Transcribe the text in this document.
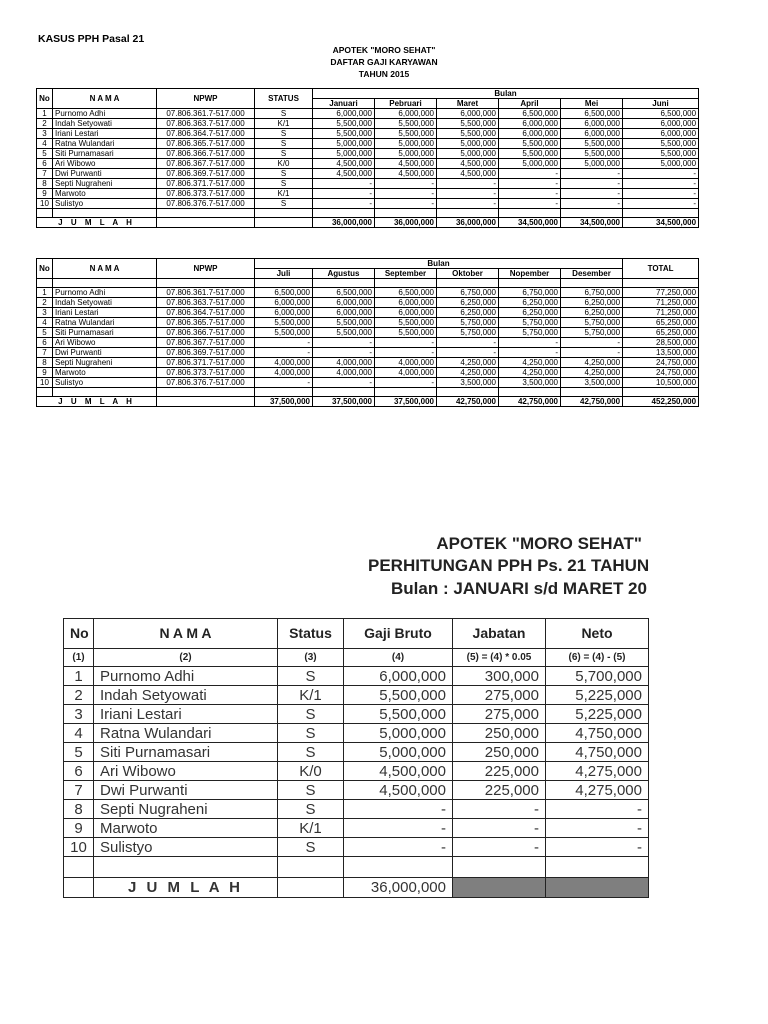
KASUS PPH Pasal 21
APOTEK "MORO SEHAT"
DAFTAR GAJI KARYAWAN
TAHUN 2015
No	N A M A	NPWP	STATUS	Bulan					
				Januari	Pebruari	Maret	April	Mei	Juni
1	Purnomo Adhi	07.806.361.7-517.000	S	6,000,000	6,000,000	6,000,000	6,500,000	6,500,000	6,500,000
2	Indah Setyowati	07.806.363.7-517.000	K/1	5,500,000	5,500,000	5,500,000	6,000,000	6,000,000	6,000,000
3	Iriani Lestari	07.806.364.7-517.000	S	5,500,000	5,500,000	5,500,000	6,000,000	6,000,000	6,000,000
4	Ratna Wulandari	07.806.365.7-517.000	S	5,000,000	5,000,000	5,000,000	5,500,000	5,500,000	5,500,000
5	Siti Purnamasari	07.806.366.7-517.000	S	5,000,000	5,000,000	5,000,000	5,500,000	5,500,000	5,500,000
6	Ari Wibowo	07.806.367.7-517.000	K/0	4,500,000	4,500,000	4,500,000	5,000,000	5,000,000	5,000,000
7	Dwi Purwanti	07.806.369.7-517.000	S	4,500,000	4,500,000	4,500,000	-	-	-
8	Septi Nugraheni	07.806.371.7-517.000	S	-	-	-	-	-	-
9	Marwoto	07.806.373.7-517.000	K/1	-	-	-	-	-	-
10	Sulistyo	07.806.376.7-517.000	S	-	-	-	-	-	-

J U M L A H				36,000,000	36,000,000	36,000,000	34,500,000	34,500,000	34,500,000
No	N A M A	NPWP	Bulan						TOTAL
			Juli	Agustus	September	Oktober	Nopember	Desember	

1	Purnomo Adhi	07.806.361.7-517.000	6,500,000	6,500,000	6,500,000	6,750,000	6,750,000	6,750,000	77,250,000
2	Indah Setyowati	07.806.363.7-517.000	6,000,000	6,000,000	6,000,000	6,250,000	6,250,000	6,250,000	71,250,000
3	Iriani Lestari	07.806.364.7-517.000	6,000,000	6,000,000	6,000,000	6,250,000	6,250,000	6,250,000	71,250,000
4	Ratna Wulandari	07.806.365.7-517.000	5,500,000	5,500,000	5,500,000	5,750,000	5,750,000	5,750,000	65,250,000
5	Siti Purnamasari	07.806.366.7-517.000	5,500,000	5,500,000	5,500,000	5,750,000	5,750,000	5,750,000	65,250,000
6	Ari Wibowo	07.806.367.7-517.000	-	-	-	-	-	-	28,500,000
7	Dwi Purwanti	07.806.369.7-517.000	-	-	-	-	-	-	13,500,000
8	Septi Nugraheni	07.806.371.7-517.000	4,000,000	4,000,000	4,000,000	4,250,000	4,250,000	4,250,000	24,750,000
9	Marwoto	07.806.373.7-517.000	4,000,000	4,000,000	4,000,000	4,250,000	4,250,000	4,250,000	24,750,000
10	Sulistyo	07.806.376.7-517.000	-	-	-	3,500,000	3,500,000	3,500,000	10,500,000

J U M L A H			37,500,000	37,500,000	37,500,000	42,750,000	42,750,000	42,750,000	452,250,000
APOTEK "MORO SEHAT"
PERHITUNGAN PPH Ps. 21 TAHUN
Bulan : JANUARI s/d MARET 20
No	N A M A	Status	Gaji Bruto	Jabatan	Neto
(1)	(2)	(3)	(4)	(5) = (4) * 0.05	(6) = (4) - (5)
1	Purnomo Adhi	S	6,000,000	300,000	5,700,000
2	Indah Setyowati	K/1	5,500,000	275,000	5,225,000
3	Iriani Lestari	S	5,500,000	275,000	5,225,000
4	Ratna Wulandari	S	5,000,000	250,000	4,750,000
5	Siti Purnamasari	S	5,000,000	250,000	4,750,000
6	Ari Wibowo	K/0	4,500,000	225,000	4,275,000
7	Dwi Purwanti	S	4,500,000	225,000	4,275,000
8	Septi Nugraheni	S	-	-	-
9	Marwoto	K/1	-	-	-
10	Sulistyo	S	-	-	-

	J U M L A H		36,000,000		
